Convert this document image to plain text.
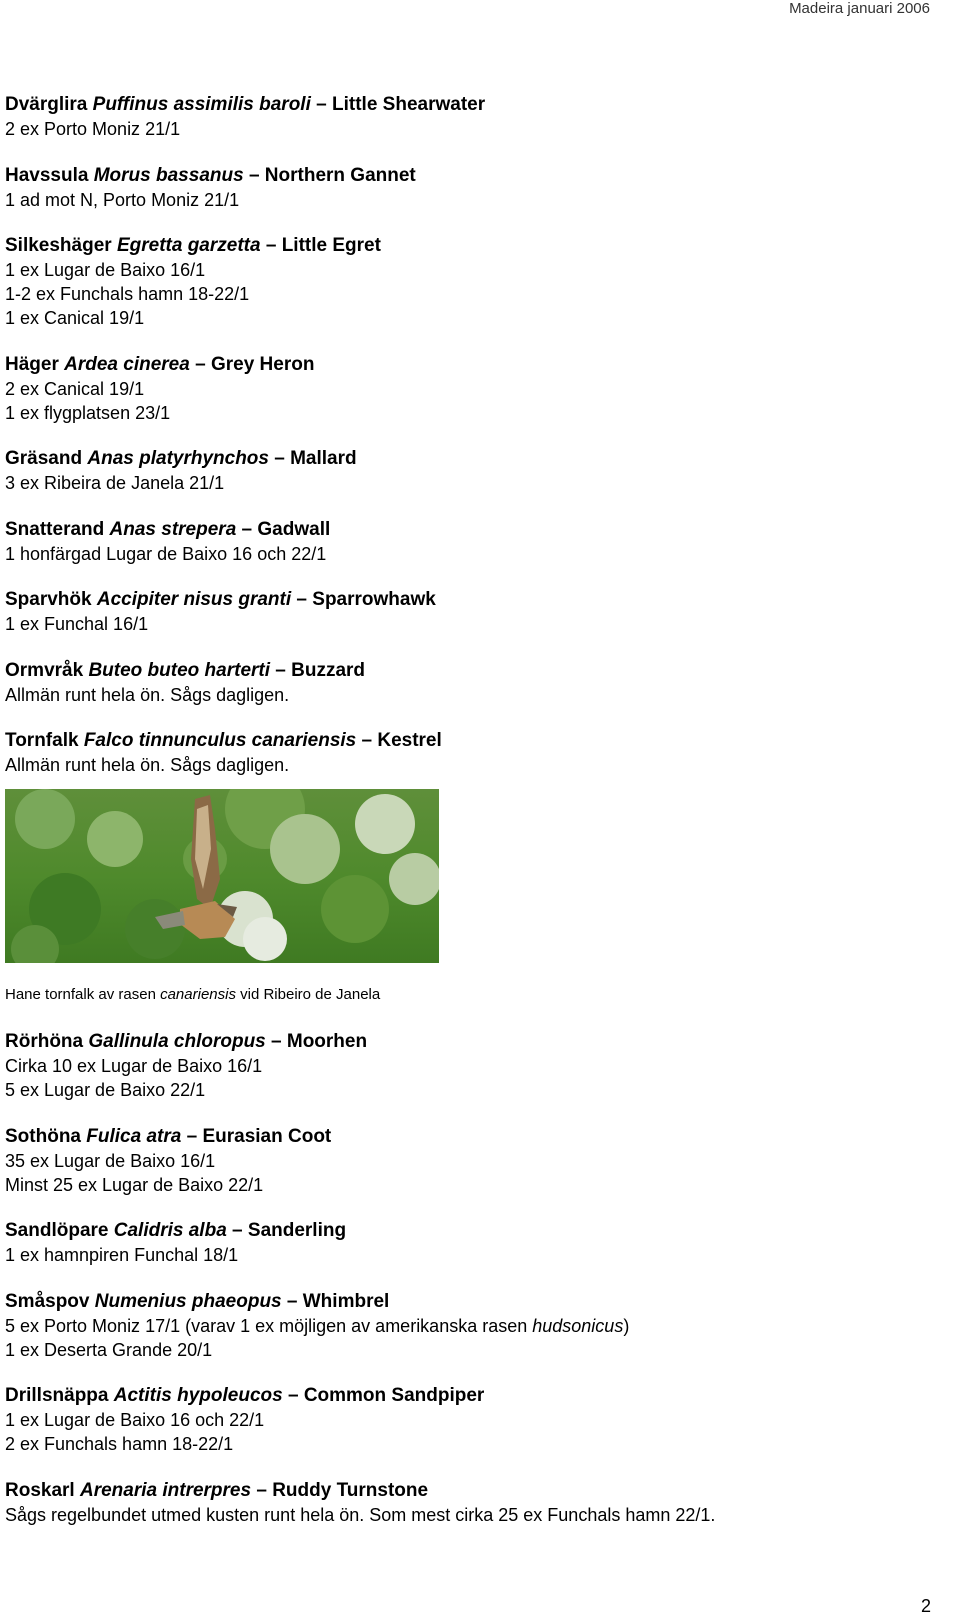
Madeira januari 2006
Dvärglira Puffinus assimilis baroli – Little Shearwater
2 ex Porto Moniz 21/1
Havssula Morus bassanus – Northern Gannet
1 ad mot N, Porto Moniz 21/1
Silkeshäger Egretta garzetta – Little Egret
1 ex Lugar de Baixo 16/1
1-2 ex Funchals hamn 18-22/1
1 ex Canical 19/1
Häger Ardea cinerea – Grey Heron
2 ex Canical 19/1
1 ex flygplatsen 23/1
Gräsand Anas platyrhynchos – Mallard
3 ex Ribeira de Janela 21/1
Snatterand Anas strepera – Gadwall
1 honfärgad Lugar de Baixo 16 och 22/1
Sparvhök Accipiter nisus granti – Sparrowhawk
1 ex Funchal 16/1
Ormvråk Buteo buteo harterti – Buzzard
Allmän runt hela ön. Sågs dagligen.
Tornfalk Falco tinnunculus canariensis – Kestrel
Allmän runt hela ön. Sågs dagligen.
Hane tornfalk av rasen canariensis vid Ribeiro de Janela
Rörhöna Gallinula chloropus – Moorhen
Cirka 10 ex Lugar de Baixo 16/1
5 ex Lugar de Baixo 22/1
Sothöna Fulica atra – Eurasian Coot
35 ex Lugar de Baixo 16/1
Minst 25 ex Lugar de Baixo 22/1
Sandlöpare Calidris alba – Sanderling
1 ex hamnpiren Funchal 18/1
Småspov Numenius phaeopus – Whimbrel
5 ex Porto Moniz 17/1 (varav 1 ex möjligen av amerikanska rasen hudsonicus)
1 ex Deserta Grande 20/1
Drillsnäppa Actitis hypoleucos – Common Sandpiper
1 ex Lugar de Baixo 16 och 22/1
2 ex Funchals hamn 18-22/1
Roskarl Arenaria intrerpres – Ruddy Turnstone
Sågs regelbundet utmed kusten runt hela ön. Som mest cirka 25 ex Funchals hamn 22/1.
2
